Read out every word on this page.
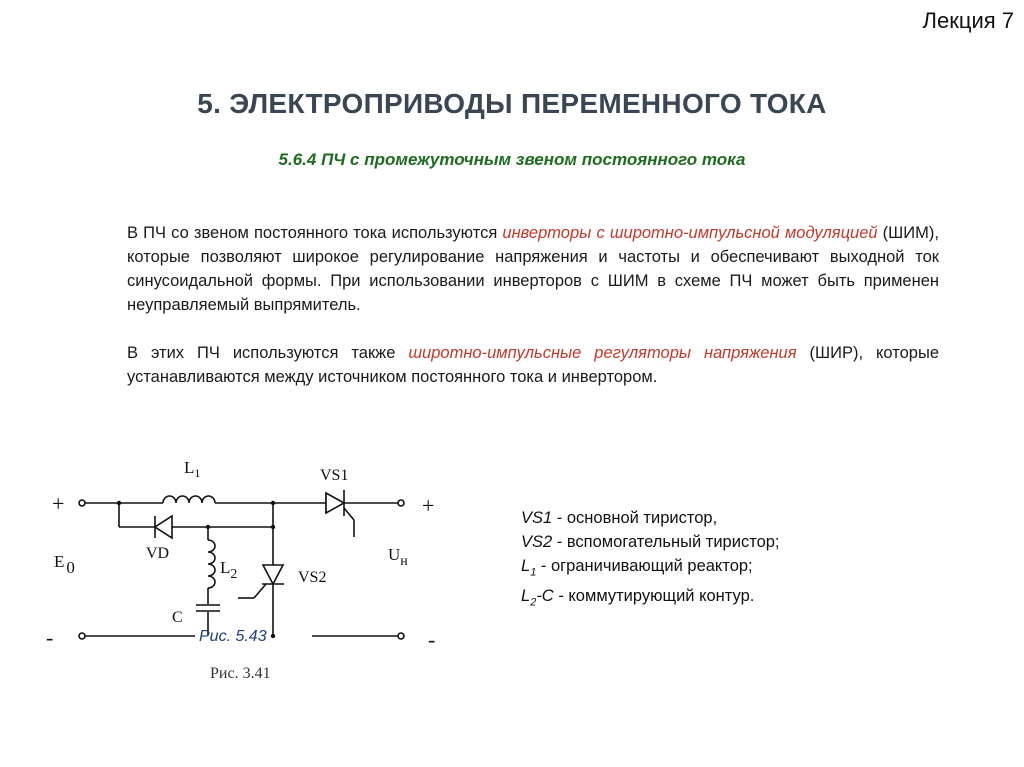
Лекция 7
5. ЭЛЕКТРОПРИВОДЫ ПЕРЕМЕННОГО ТОКА
5.6.4 ПЧ с промежуточным звеном постоянного тока
В ПЧ со звеном постоянного тока используются инверторы с широтно-импульсной модуляцией (ШИМ), которые позволяют широкое регулирование напряжения и частоты и обеспечивают выходной ток синусоидальной формы. При использовании инверторов с ШИМ в схеме ПЧ может быть применен неуправляемый выпрямитель.
В этих ПЧ используются также широтно-импульсные регуляторы напряжения (ШИР), которые устанавливаются между источником постоянного тока и инвертором.
+	+
-	-
$L_1$	VS1
VD
E 0	$L_2$	VS2
C
$U_н$
Рис. 5.43
Рис. 3.41
VS1 - основной тиристор,
VS2 - вспомогательный тиристор;
$L_1$ - ограничивающий реактор;
$L_2-C$ - коммутирующий контур.
